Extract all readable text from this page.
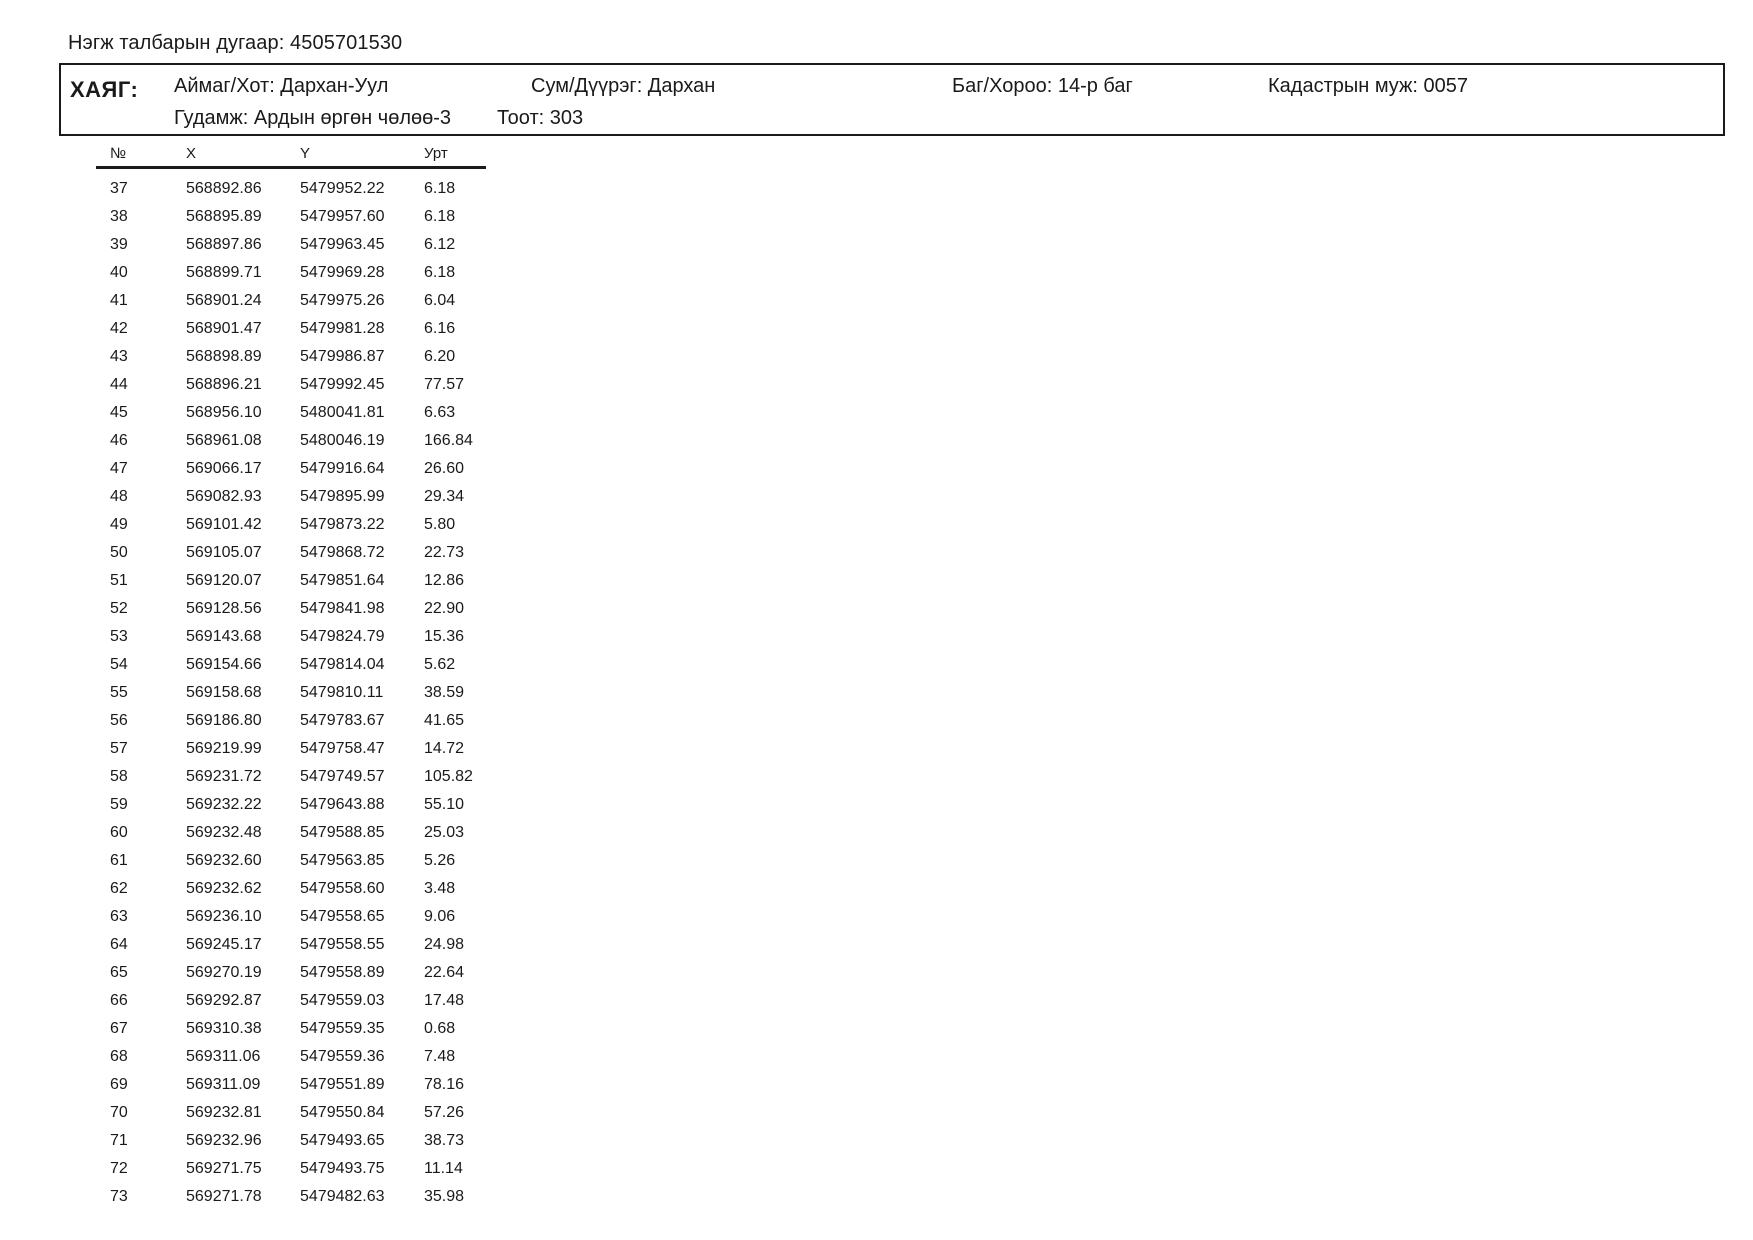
Нэгж талбарын дугаар: 4505701530
ХАЯГ: Аймаг/Хот: Дархан-Уул	Сум/Дүүрэг: Дархан	Баг/Хороо: 14-р баг	Кадастрын муж: 0057
Гудамж: Ардын өргөн чөлөө-3 Тоот: 303
№	X	Y	Урт
37	568892.86	5479952.22	6.18
38	568895.89	5479957.60	6.18
39	568897.86	5479963.45	6.12
40	568899.71	5479969.28	6.18
41	568901.24	5479975.26	6.04
42	568901.47	5479981.28	6.16
43	568898.89	5479986.87	6.20
44	568896.21	5479992.45	77.57
45	568956.10	5480041.81	6.63
46	568961.08	5480046.19	166.84
47	569066.17	5479916.64	26.60
48	569082.93	5479895.99	29.34
49	569101.42	5479873.22	5.80
50	569105.07	5479868.72	22.73
51	569120.07	5479851.64	12.86
52	569128.56	5479841.98	22.90
53	569143.68	5479824.79	15.36
54	569154.66	5479814.04	5.62
55	569158.68	5479810.11	38.59
56	569186.80	5479783.67	41.65
57	569219.99	5479758.47	14.72
58	569231.72	5479749.57	105.82
59	569232.22	5479643.88	55.10
60	569232.48	5479588.85	25.03
61	569232.60	5479563.85	5.26
62	569232.62	5479558.60	3.48
63	569236.10	5479558.65	9.06
64	569245.17	5479558.55	24.98
65	569270.19	5479558.89	22.64
66	569292.87	5479559.03	17.48
67	569310.38	5479559.35	0.68
68	569311.06	5479559.36	7.48
69	569311.09	5479551.89	78.16
70	569232.81	5479550.84	57.26
71	569232.96	5479493.65	38.73
72	569271.75	5479493.75	11.14
73	569271.78	5479482.63	35.98
